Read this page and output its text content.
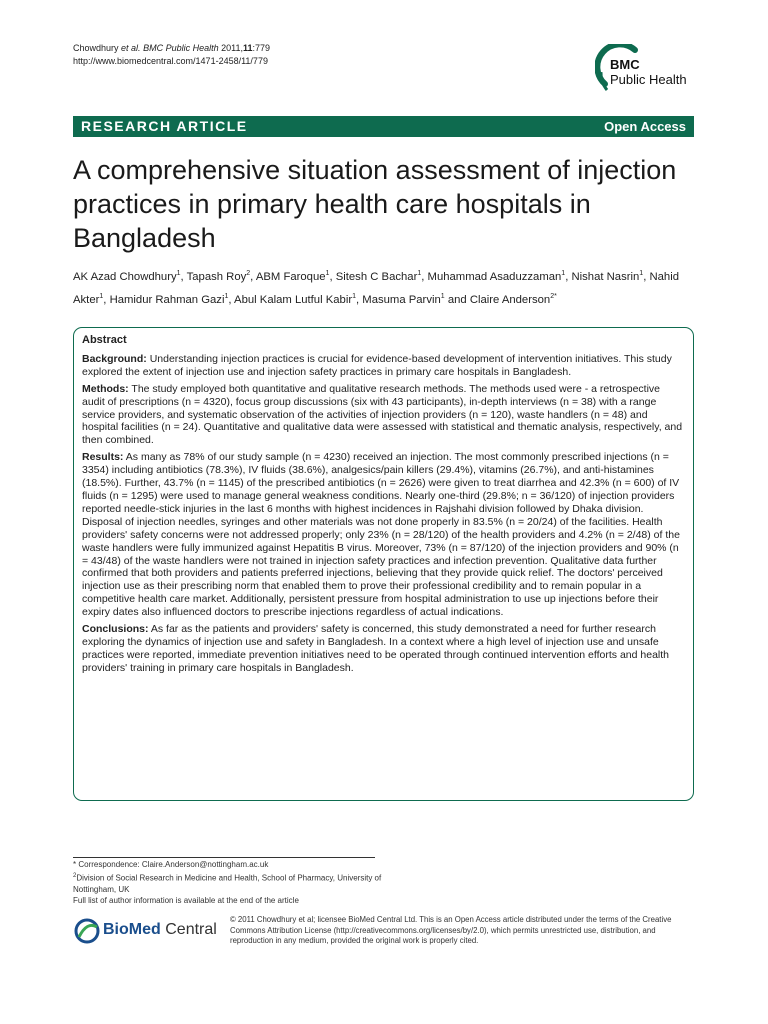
Chowdhury et al. BMC Public Health 2011,11:779
http://www.biomedcentral.com/1471-2458/11/779	BMC
Public Health
RESEARCH ARTICLE	Open Access
A comprehensive situation assessment of injection practices in primary health care hospitals in Bangladesh
AK Azad Chowdhury$^1$, Tapash Roy$^2$, ABM Faroque$^1$, Sitesh C Bachar$^1$, Muhammad Asaduzzaman$^1$, Nishat Nasrin$^1$, Nahid Akter$^1$, Hamidur Rahman Gazi$^1$, Abul Kalam Lutful Kabir$^1$, Masuma Parvin$^1$ and Claire Anderson$^{2*}$
Abstract

Background: Understanding injection practices is crucial for evidence-based development of intervention initiatives. This study explored the extent of injection use and injection safety practices in primary care hospitals in Bangladesh.

Methods: The study employed both quantitative and qualitative research methods. The methods used were - a retrospective audit of prescriptions (n = 4320), focus group discussions (six with 43 participants), in-depth interviews (n = 38) with a range service providers, and systematic observation of the activities of injection providers (n = 120), waste handlers (n = 48) and hospital facilities (n = 24). Quantitative and qualitative data were assessed with statistical and thematic analysis, respectively, and then combined.

Results: As many as 78% of our study sample (n = 4230) received an injection. The most commonly prescribed injections (n = 3354) including antibiotics (78.3%), IV fluids (38.6%), analgesics/pain killers (29.4%), vitamins (26.7%), and anti-histamines (18.5%). Further, 43.7% (n = 1145) of the prescribed antibiotics (n = 2626) were given to treat diarrhea and 42.3% (n = 600) of IV fluids (n = 1295) were used to manage general weakness conditions. Nearly one-third (29.8%; n = 36/120) of injection providers reported needle-stick injuries in the last 6 months with highest incidences in Rajshahi division followed by Dhaka division. Disposal of injection needles, syringes and other materials was not done properly in 83.5% (n = 20/24) of the facilities. Health providers' safety concerns were not addressed properly; only 23% (n = 28/120) of the health providers and 4.2% (n = 2/48) of the waste handlers were fully immunized against Hepatitis B virus. Moreover, 73% (n = 87/120) of the injection providers and 90% (n = 43/48) of the waste handlers were not trained in injection safety practices and infection prevention. Qualitative data further confirmed that both providers and patients preferred injections, believing that they provide quick relief. The doctors' perceived injection use as their prescribing norm that enabled them to prove their professional credibility and to remain popular in a competitive health care market. Additionally, persistent pressure from hospital administration to use up injections before their expiry dates also influenced doctors to prescribe injections regardless of actual indications.

Conclusions: As far as the patients and providers' safety is concerned, this study demonstrated a need for further research exploring the dynamics of injection use and safety in Bangladesh. In a context where a high level of injection use and unsafe practices were reported, immediate prevention initiatives need to be operated through continued intervention efforts and health providers' training in primary care hospitals in Bangladesh.

* Correspondence: Claire.Anderson@nottingham.ac.uk
$^2$Division of Social Research in Medicine and Health, School of Pharmacy, University of Nottingham, UK
Full list of author information is available at the end of the article
BioMed Central
© 2011 Chowdhury et al; licensee BioMed Central Ltd. This is an Open Access article distributed under the terms of the Creative Commons Attribution License (http://creativecommons.org/licenses/by/2.0), which permits unrestricted use, distribution, and reproduction in any medium, provided the original work is properly cited.
